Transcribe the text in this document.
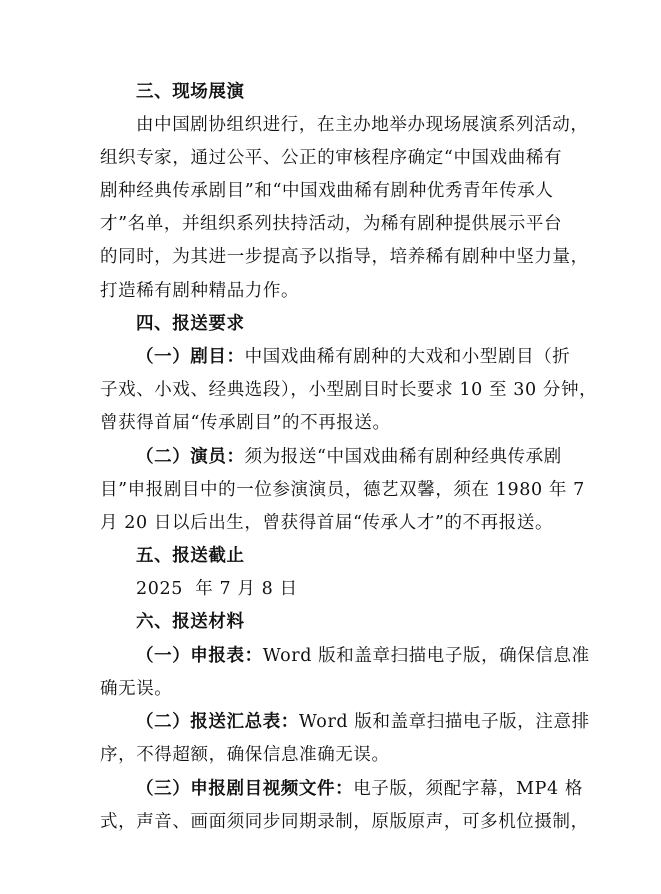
三、现场展演
由中国剧协组织进行，在主办地举办现场展演系列活动，
组织专家，通过公平、公正的审核程序确定“中国戏曲稀有
剧种经典传承剧目”和“中国戏曲稀有剧种优秀青年传承人
才”名单，并组织系列扶持活动，为稀有剧种提供展示平台
的同时，为其进一步提高予以指导，培养稀有剧种中坚力量，
打造稀有剧种精品力作。
四、报送要求
（一）剧目：中国戏曲稀有剧种的大戏和小型剧目（折
子戏、小戏、经典选段），小型剧目时长要求 10 至 30 分钟，
曾获得首届“传承剧目”的不再报送。
（二）演员：须为报送“中国戏曲稀有剧种经典传承剧
目”申报剧目中的一位参演演员，德艺双馨，须在 1980 年 7
月 20 日以后出生，曾获得首届“传承人才”的不再报送。
五、报送截止
2025  年 7 月 8 日
六、报送材料
（一）申报表：Word 版和盖章扫描电子版，确保信息准
确无误。
（二）报送汇总表：Word 版和盖章扫描电子版，注意排
序，不得超额，确保信息准确无误。
（三）申报剧目视频文件：电子版，须配字幕，MP4 格
式，声音、画面须同步同期录制，原版原声，可多机位摄制，
